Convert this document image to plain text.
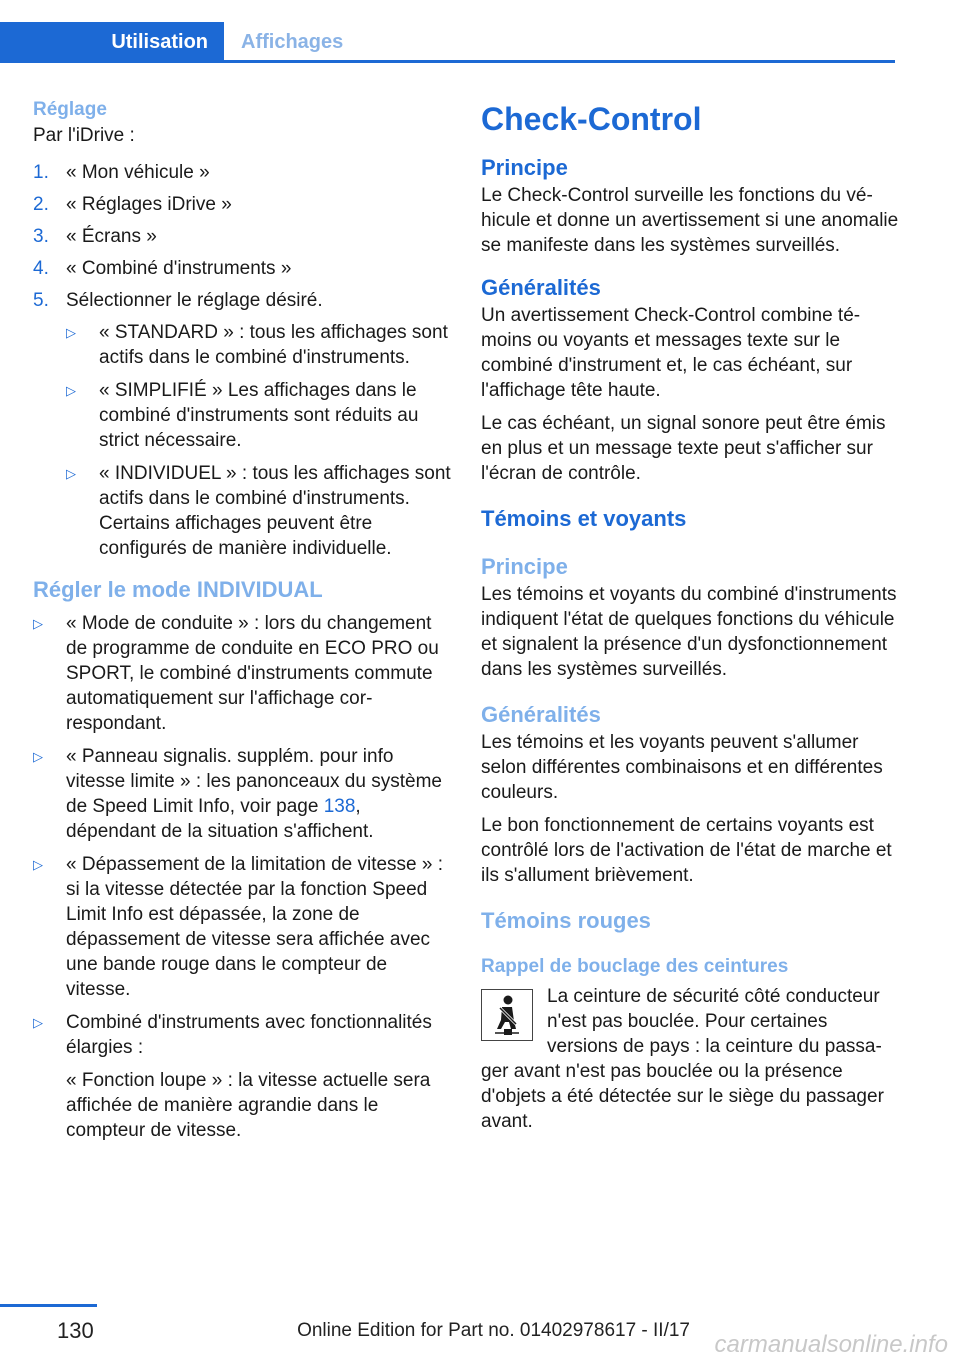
Utilisation	Affichages
Réglage

Par l'iDrive :

1. « Mon véhicule »
2. « Réglages iDrive »
3. « Écrans »
4. « Combiné d'instruments »
5. Sélectionner le réglage désiré.
▷ « STANDARD » : tous les affichages sont actifs dans le combiné d'instruments.
▷ « SIMPLIFIÉ » Les affichages dans le combiné d'instruments sont réduits au strict nécessaire.
▷ « INDIVIDUEL » : tous les affichages sont actifs dans le combiné d'instruments. Certains affichages peuvent être configurés de manière individuelle.
Régler le mode INDIVIDUAL
▷ « Mode de conduite » : lors du changement de programme de conduite en ECO PRO ou SPORT, le combiné d'instruments commute automatiquement sur l'affichage correspondant.
▷ « Panneau signalis. supplém. pour info vitesse limite » : les panonceaux du système de Speed Limit Info, voir page 138, dépendant de la situation s'affichent.
▷ « Dépassement de la limitation de vitesse » : si la vitesse détectée par la fonction Speed Limit Info est dépassée, la zone de dépassement de vitesse sera affichée avec une bande rouge dans le compteur de vitesse.
▷ Combiné d'instruments avec fonctionnalités élargies :
« Fonction loupe » : la vitesse actuelle sera affichée de manière agrandie dans le compteur de vitesse.
Check-Control
Principe

Le Check-Control surveille les fonctions du véhicule et donne un avertissement si une anomalie se manifeste dans les systèmes surveillés.

Généralités

Un avertissement Check-Control combine témoins ou voyants et messages texte sur le combiné d'instrument et, le cas échéant, sur l'affichage tête haute.

Le cas échéant, un signal sonore peut être émis en plus et un message texte peut s'afficher sur l'écran de contrôle.

Témoins et voyants
Principe

Les témoins et voyants du combiné d'instruments indiquent l'état de quelques fonctions du véhicule et signalent la présence d'un dysfonctionnement dans les systèmes surveillés.

Généralités

Les témoins et les voyants peuvent s'allumer selon différentes combinaisons et en différentes couleurs.

Le bon fonctionnement de certains voyants est contrôlé lors de l'activation de l'état de marche et ils s'allument brièvement.

Témoins rouges
Rappel de bouclage des ceintures

La ceinture de sécurité côté conducteur n'est pas bouclée. Pour certaines versions de pays : la ceinture du passager avant n'est pas bouclée ou la présence d'objets a été détectée sur le siège du passager avant.

130	Online Edition for Part no. 01402978617 - II/17
carmanualsonline.info
